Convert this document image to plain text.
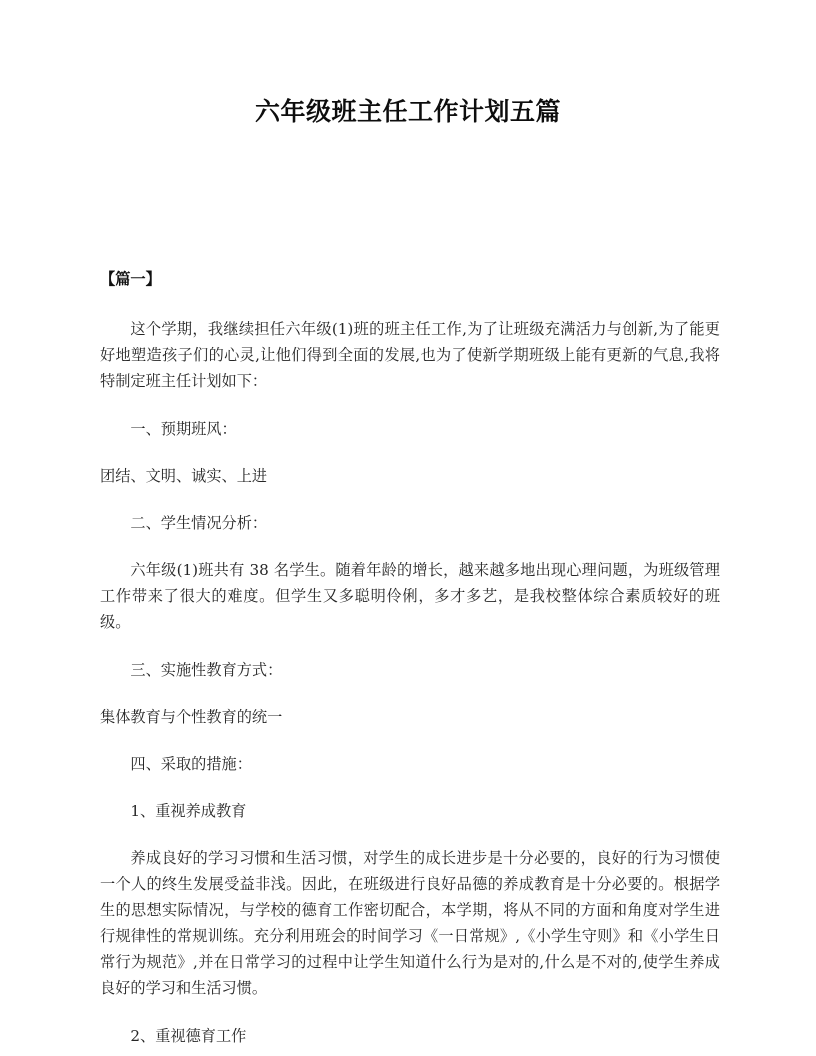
六年级班主任工作计划五篇

【篇一】

这个学期，我继续担任六年级(1)班的班主任工作,为了让班级充满活力与创新,为了能更好地塑造孩子们的心灵,让他们得到全面的发展,也为了使新学期班级上能有更新的气息,我将特制定班主任计划如下：

一、预期班风：

团结、文明、诚实、上进

二、学生情况分析：

六年级(1)班共有 38 名学生。随着年龄的增长，越来越多地出现心理问题，为班级管理工作带来了很大的难度。但学生又多聪明伶俐，多才多艺，是我校整体综合素质较好的班级。

三、实施性教育方式：

集体教育与个性教育的统一

四、采取的措施：

1、重视养成教育

养成良好的学习习惯和生活习惯，对学生的成长进步是十分必要的，良好的行为习惯使一个人的终生发展受益非浅。因此，在班级进行良好品德的养成教育是十分必要的。根据学生的思想实际情况，与学校的德育工作密切配合，本学期，将从不同的方面和角度对学生进行规律性的常规训练。充分利用班会的时间学习《一日常规》,《小学生守则》和《小学生日常行为规范》,并在日常学习的过程中让学生知道什么行为是对的,什么是不对的,使学生养成良好的学习和生活习惯。

2、重视德育工作
